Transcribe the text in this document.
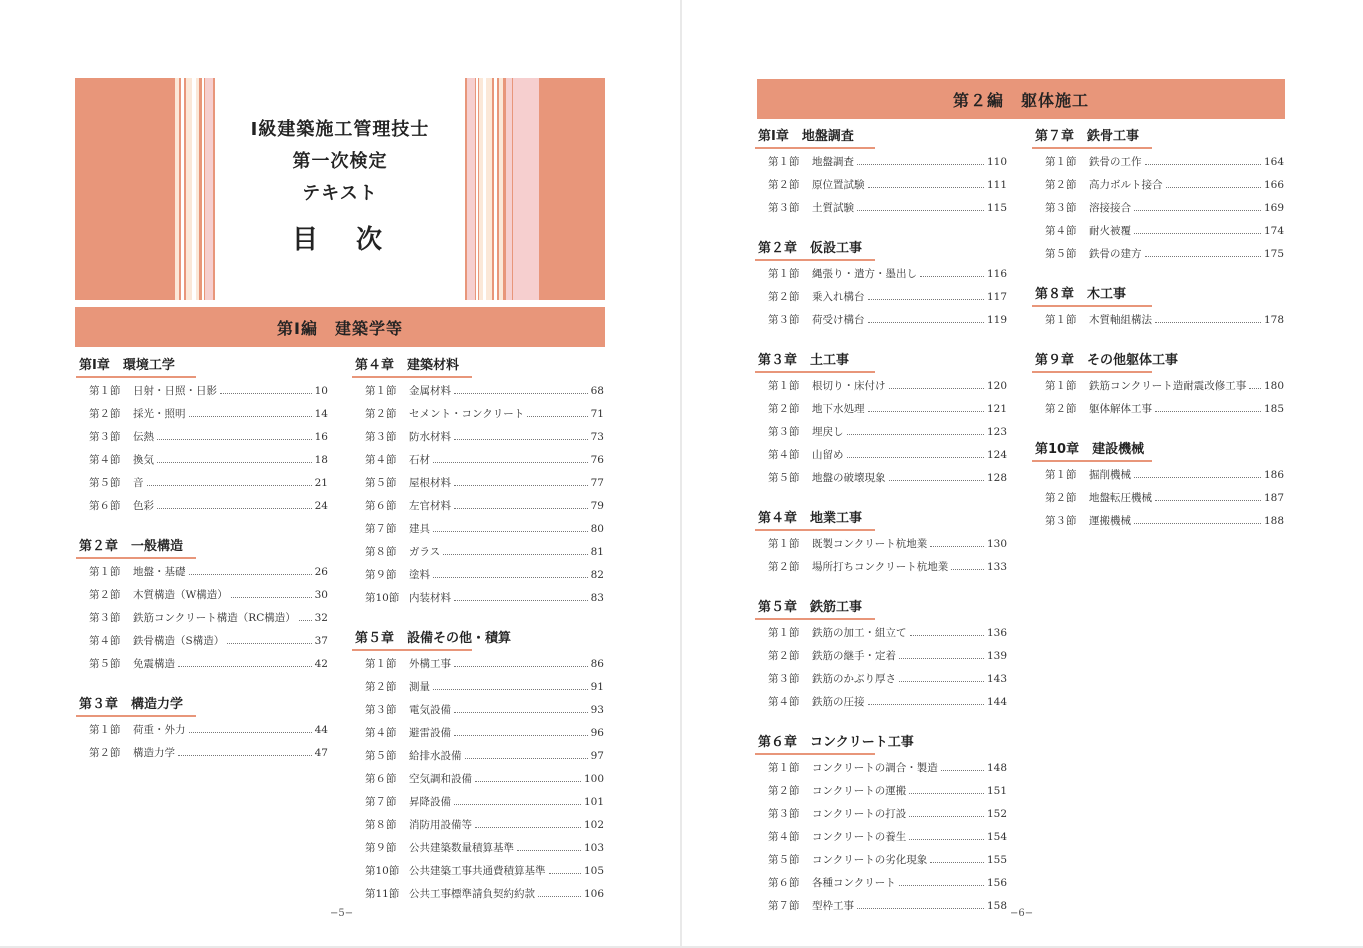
Ⅰ級建築施工管理技士
第一次検定
テキスト
目　次
第Ⅰ編　建築学等
第Ⅰ章　環境工学
第１節	日射・日照・日影	10
第２節	採光・照明	14
第３節	伝熱	16
第４節	換気	18
第５節	音	21
第６節	色彩	24
第２章　一般構造
第１節	地盤・基礎	26
第２節	木質構造（W構造）	30
第３節	鉄筋コンクリート構造（RC構造） 32
第４節	鉄骨構造（S構造）	37
第５節	免震構造	42
第３章　構造力学
第１節	荷重・外力	44
第２節	構造力学	47
第４章　建築材料
第１節	金属材料	68
第２節	セメント・コンクリート	71
第３節	防水材料	73
第４節	石材	76
第５節	屋根材料	77
第６節	左官材料	79
第７節	建具	80
第８節	ガラス	81
第９節	塗料	82
第10節 内装材料	83
第５章　設備その他・積算
第１節	外構工事	86
第２節	測量	91
第３節	電気設備	93
第４節	避雷設備	96
第５節	給排水設備	97
第６節	空気調和設備	100
第７節	昇降設備	101
第８節	消防用設備等	102
第９節	公共建築数量積算基準	103
第10節 公共建築工事共通費積算基準	105
第11節 公共工事標準請負契約約款	106
−5−
第２編　躯体施工
第Ⅰ章　地盤調査
第１節	地盤調査	110
第２節	原位置試験	111
第３節	土質試験	115
第２章　仮設工事
第１節	縄張り・遣方・墨出し	116
第２節	乗入れ構台	117
第３節	荷受け構台	119
第３章　土工事
第１節	根切り・床付け	120
第２節	地下水処理	121
第３節	埋戻し	123
第４節	山留め	124
第５節	地盤の破壊現象	128
第４章　地業工事
第１節	既製コンクリート杭地業	130
第２節	場所打ちコンクリート杭地業	133
第５章　鉄筋工事
第１節	鉄筋の加工・組立て	136
第２節	鉄筋の継手・定着	139
第３節	鉄筋のかぶり厚さ	143
第４節	鉄筋の圧接	144
第６章　コンクリート工事
第１節	コンクリートの調合・製造	148
第２節	コンクリートの運搬	151
第３節	コンクリートの打設	152
第４節	コンクリートの養生	154
第５節	コンクリートの劣化現象	155
第６節	各種コンクリート	156
第７節	型枠工事	158
第７章　鉄骨工事
第１節	鉄骨の工作	164
第２節	高力ボルト接合	166
第３節	溶接接合	169
第４節	耐火被覆	174
第５節	鉄骨の建方	175
第８章　木工事
第１節	木質軸組構法	178
第９章　その他躯体工事
第１節	鉄筋コンクリート造耐震改修工事 180
第２節	躯体解体工事	185
第10章　建設機械
第１節	掘削機械	186
第２節	地盤転圧機械	187
第３節	運搬機械	188
−6−
